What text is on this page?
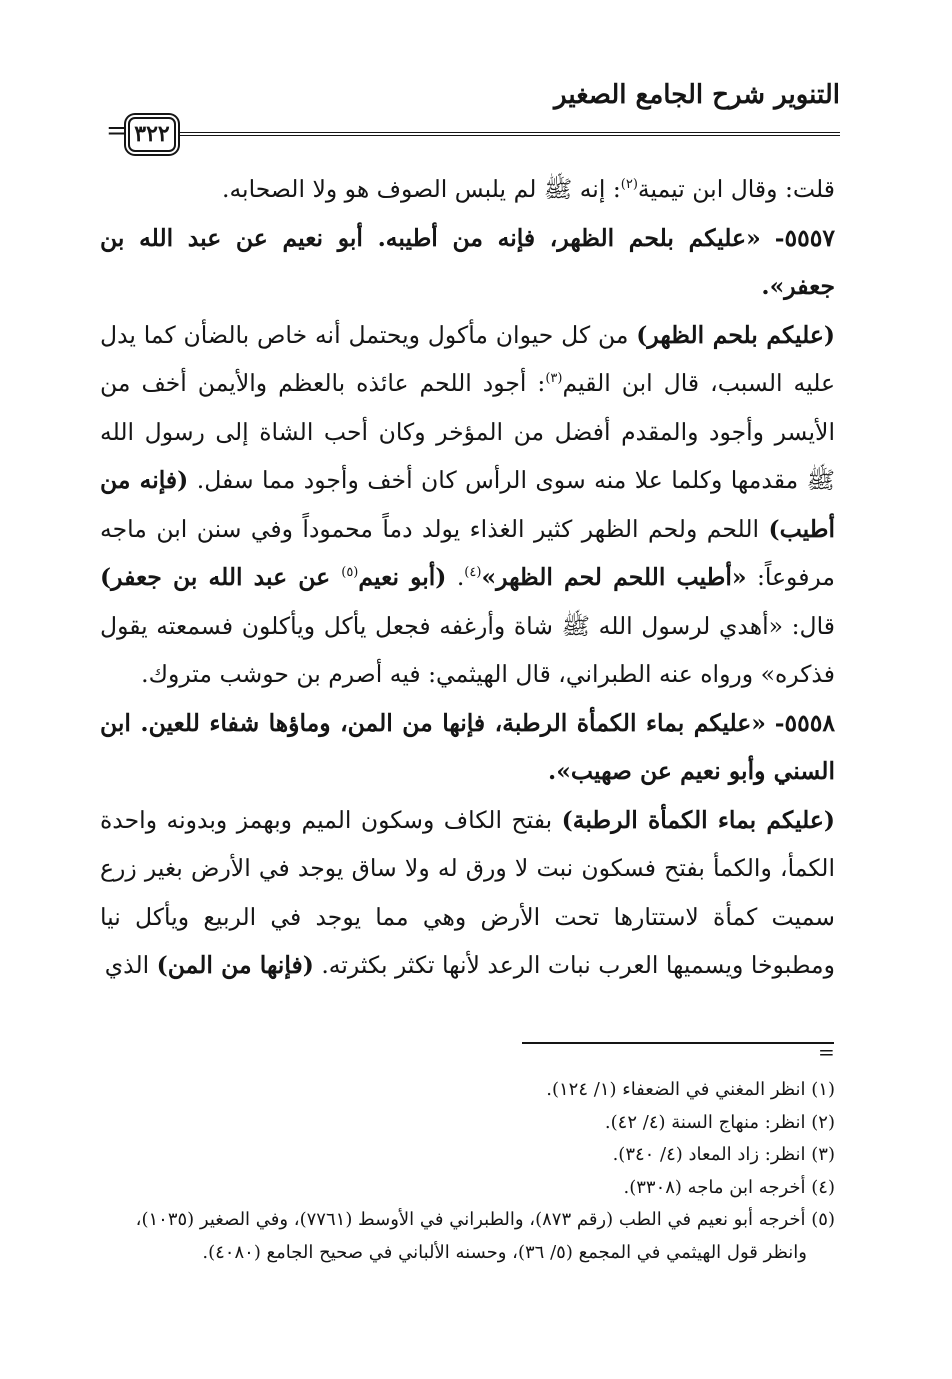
التنوير شرح الجامع الصغير
٣٢٢
=

قلت: وقال ابن تيمية$^{(٢)}$: إنه ﷺ لم يلبس الصوف هو ولا الصحابه.

٥٥٥٧- «عليكم بلحم الظهر، فإنه من أطيبه. أبو نعيم عن عبد الله بن جعفر».

(عليكم بلحم الظهر) من كل حيوان مأكول ويحتمل أنه خاص بالضأن كما يدل عليه السبب، قال ابن القيم$^{(٣)}$: أجود اللحم عائذه بالعظم والأيمن أخف من الأيسر وأجود والمقدم أفضل من المؤخر وكان أحب الشاة إلى رسول الله ﷺ مقدمها وكلما علا منه سوى الرأس كان أخف وأجود مما سفل. (فإنه من أطيب) اللحم ولحم الظهر كثير الغذاء يولد دماً محموداً وفي سنن ابن ماجه مرفوعاً: «أطيب اللحم لحم الظهر»$^{(٤)}$. (أبو نعيم$^{(٥)}$ عن عبد الله بن جعفر) قال: «أهدي لرسول الله ﷺ شاة وأرغفه فجعل يأكل ويأكلون فسمعته يقول فذكره» ورواه عنه الطبراني، قال الهيثمي: فيه أصرم بن حوشب متروك.

٥٥٥٨- «عليكم بماء الكمأة الرطبة، فإنها من المن، وماؤها شفاء للعين. ابن السني وأبو نعيم عن صهيب».

(عليكم بماء الكمأة الرطبة) بفتح الكاف وسكون الميم وبهمز وبدونه واحدة الكمأ، والكمأ بفتح فسكون نبت لا ورق له ولا ساق يوجد في الأرض بغير زرع سميت كمأة لاستتارها تحت الأرض وهي مما يوجد في الربيع ويأكل نيا ومطبوخا ويسميها العرب نبات الرعد لأنها تكثر بكثرته. (فإنها من المن) الذي

=

(١) انظر المغني في الضعفاء (١/ ١٢٤).

(٢) انظر: منهاج السنة (٤/ ٤٢).

(٣) انظر: زاد المعاد (٤/ ٣٤٠).

(٤) أخرجه ابن ماجه (٣٣٠٨).

(٥) أخرجه أبو نعيم في الطب (رقم ٨٧٣)، والطبراني في الأوسط (٧٧٦١)، وفي الصغير (١٠٣٥)،

وانظر قول الهيثمي في المجمع (٥/ ٣٦)، وحسنه الألباني في صحيح الجامع (٤٠٨٠).
